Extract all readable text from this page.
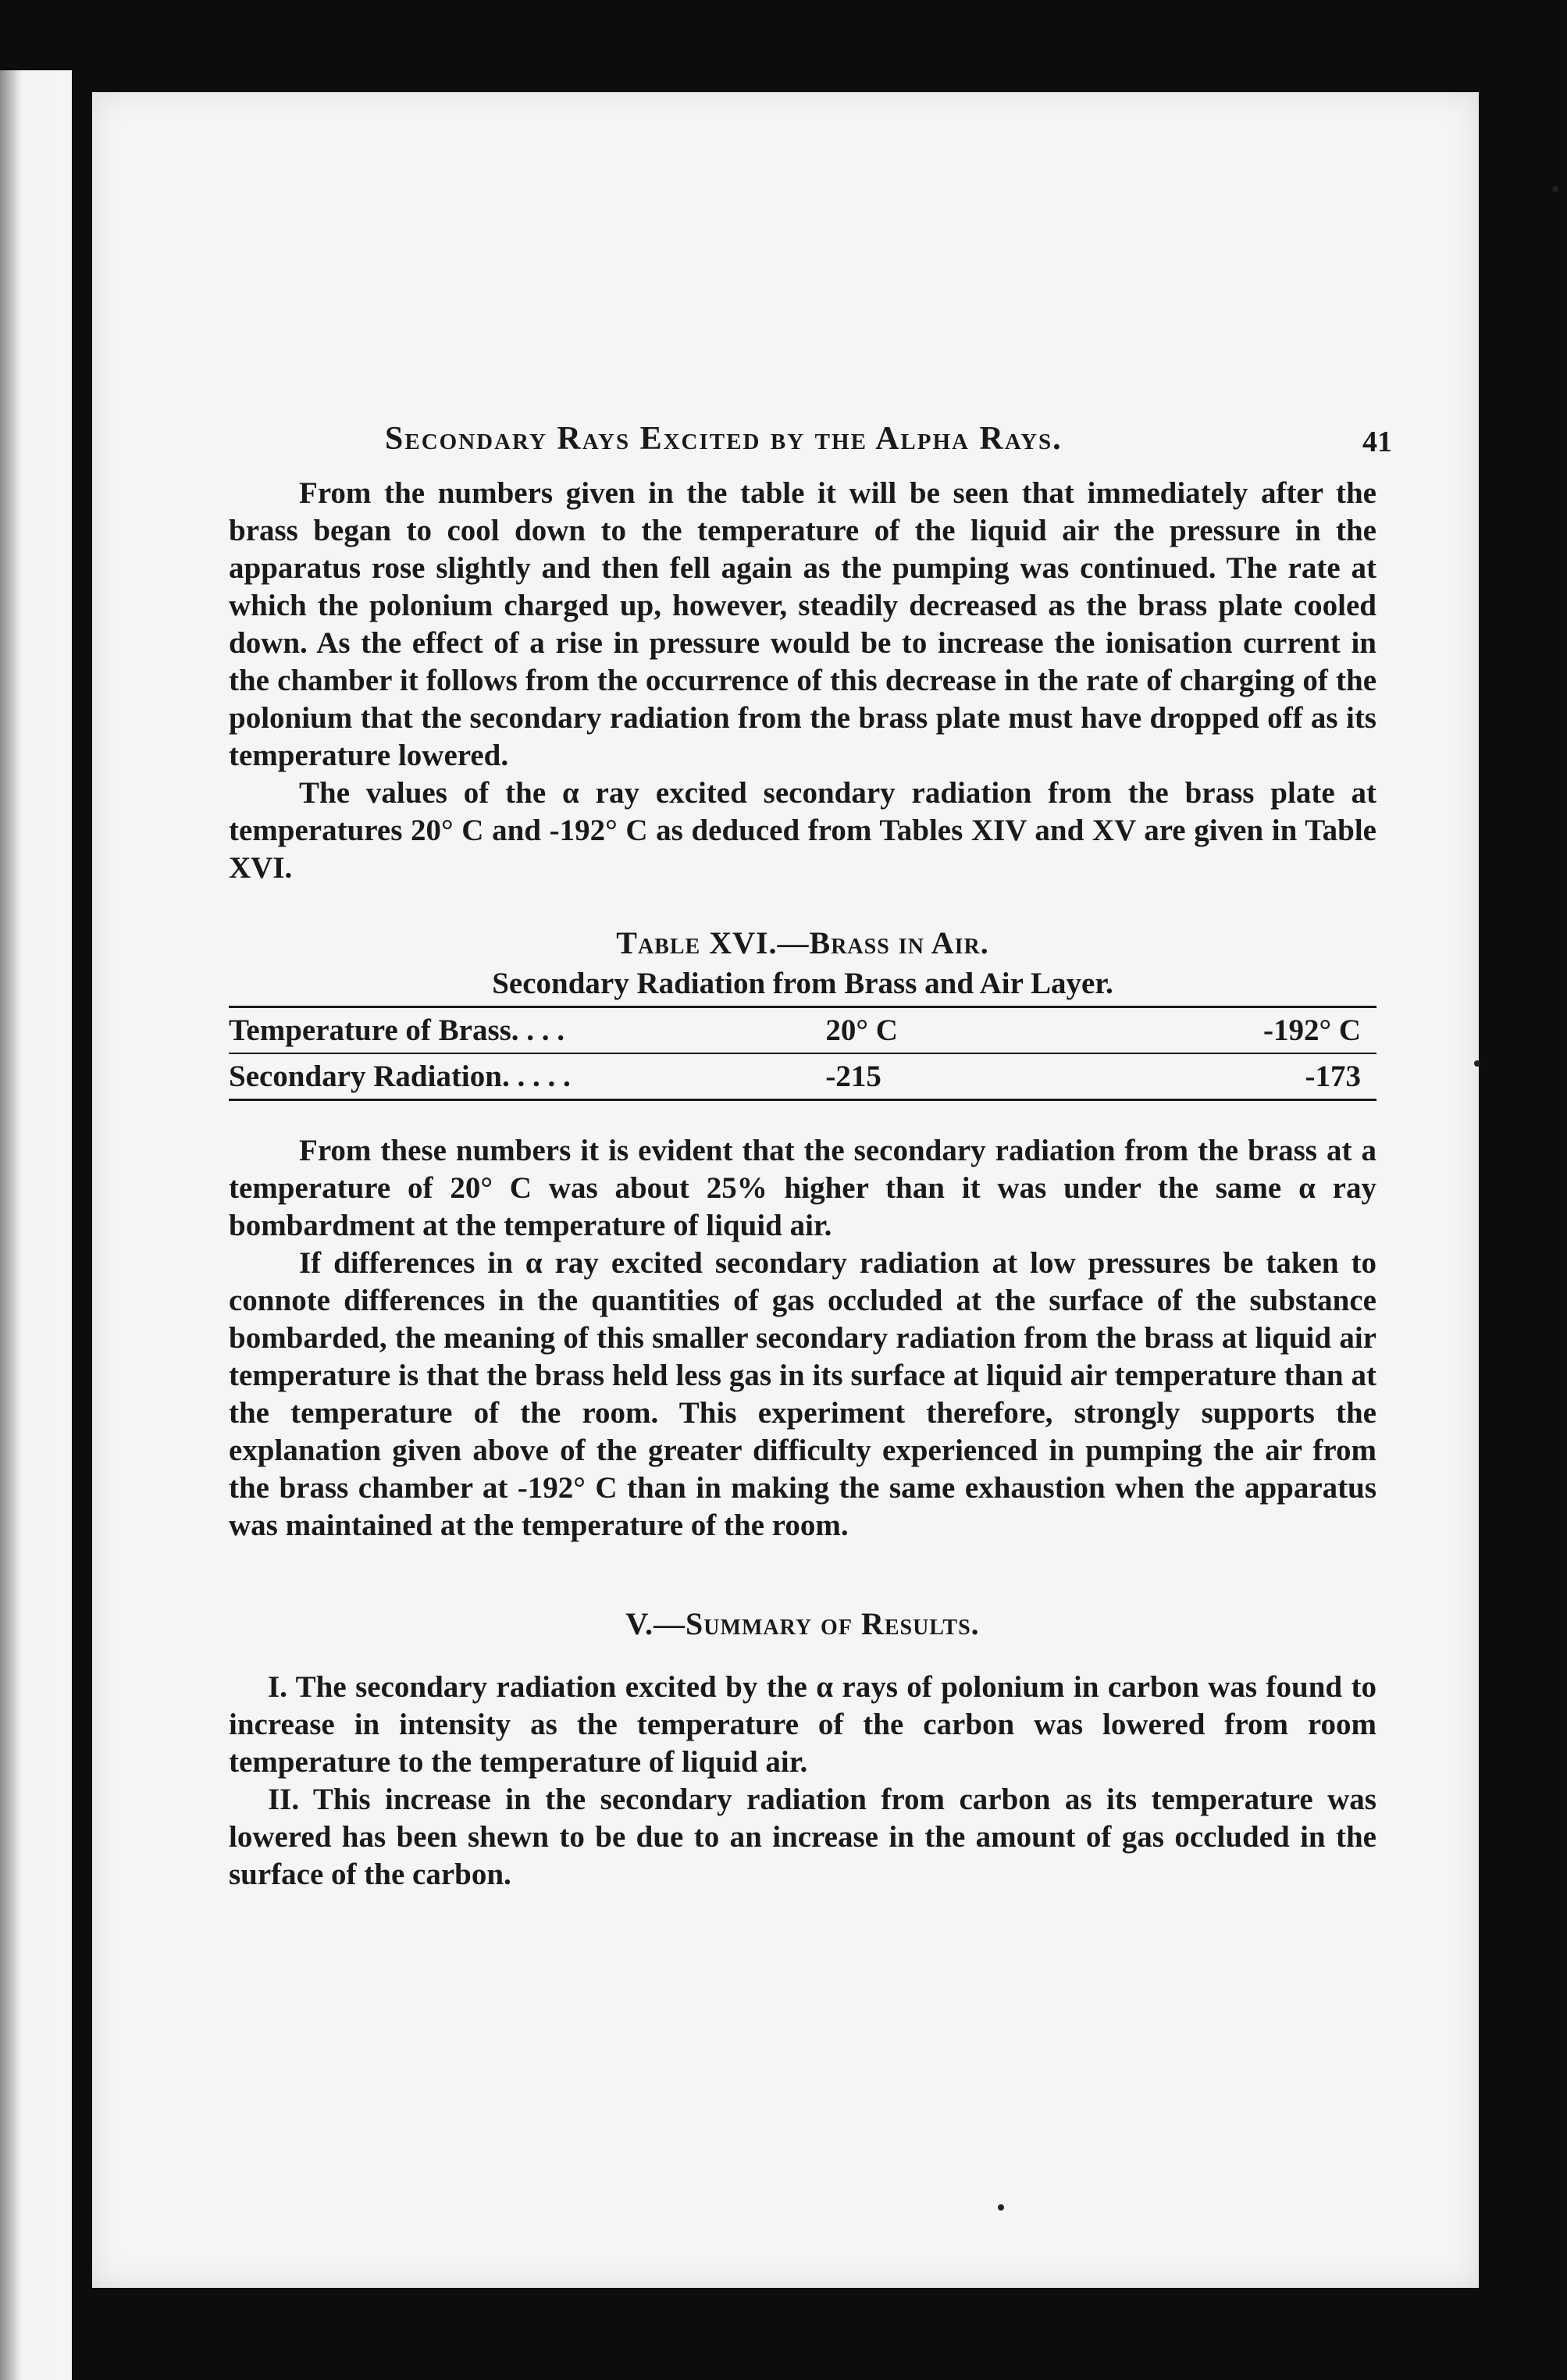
Secondary Rays Excited by the Alpha Rays.	41

From the numbers given in the table it will be seen that immediately after the brass began to cool down to the temperature of the liquid air the pressure in the apparatus rose slightly and then fell again as the pumping was continued. The rate at which the polonium charged up, however, steadily decreased as the brass plate cooled down. As the effect of a rise in pressure would be to increase the ionisation current in the chamber it follows from the occurrence of this decrease in the rate of charging of the polonium that the secondary radiation from the brass plate must have dropped off as its temperature lowered.

The values of the α ray excited secondary radiation from the brass plate at temperatures 20° C and -192° C as deduced from Tables XIV and XV are given in Table XVI.

Table XVI.—Brass in Air.
Secondary Radiation from Brass and Air Layer.
Temperature of Brass. . . .	20° C	-192° C
Secondary Radiation. . . . .	-215	-173

From these numbers it is evident that the secondary radiation from the brass at a temperature of 20° C was about 25% higher than it was under the same α ray bombardment at the temperature of liquid air.

If differences in α ray excited secondary radiation at low pressures be taken to connote differences in the quantities of gas occluded at the surface of the substance bombarded, the meaning of this smaller secondary radiation from the brass at liquid air temperature is that the brass held less gas in its surface at liquid air temperature than at the temperature of the room. This experiment therefore, strongly supports the explanation given above of the greater difficulty experienced in pumping the air from the brass chamber at -192° C than in making the same exhaustion when the apparatus was maintained at the temperature of the room.

V.—Summary of Results.

I. The secondary radiation excited by the α rays of polonium in carbon was found to increase in intensity as the temperature of the carbon was lowered from room temperature to the temperature of liquid air.

II. This increase in the secondary radiation from carbon as its temperature was lowered has been shewn to be due to an increase in the amount of gas occluded in the surface of the carbon.
